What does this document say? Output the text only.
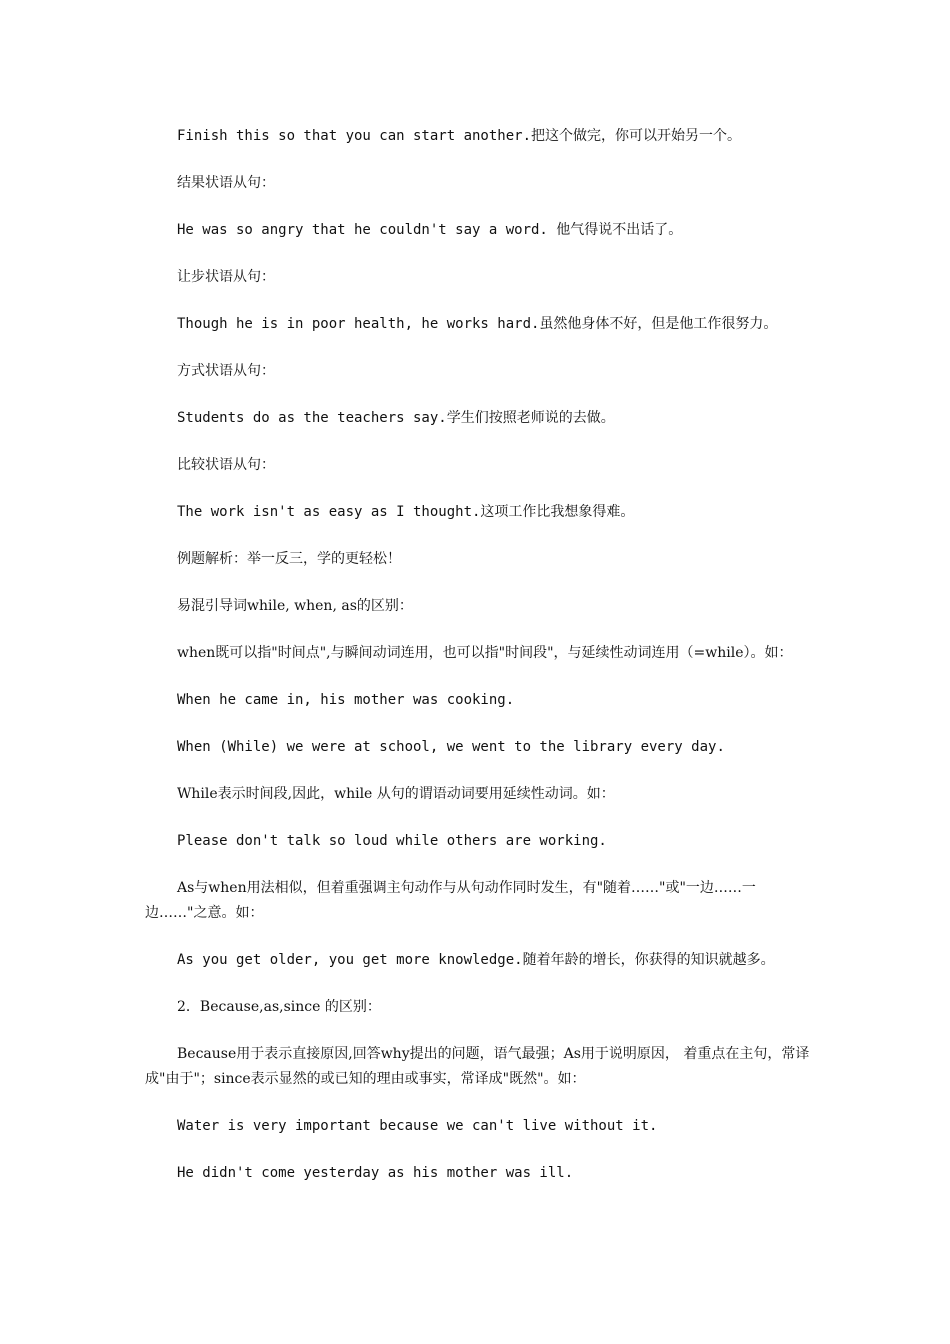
Finish this so that you can start another.把这个做完，你可以开始另一个。

结果状语从句：

He was so angry that he couldn't say a word. 他气得说不出话了。

让步状语从句：

Though he is in poor health, he works hard.虽然他身体不好，但是他工作很努力。

方式状语从句：

Students do as the teachers say.学生们按照老师说的去做。

比较状语从句：

The work isn't as easy as I thought.这项工作比我想象得难。

例题解析：举一反三，学的更轻松！

易混引导词while, when, as的区别：

when既可以指"时间点",与瞬间动词连用，也可以指"时间段"，与延续性动词连用（=while）。如：

When he came in, his mother was cooking.

When (While) we were at school, we went to the library every day.

While表示时间段,因此，while 从句的谓语动词要用延续性动词。如：

Please don't talk so loud while others are working.

As与when用法相似，但着重强调主句动作与从句动作同时发生，有"随着……"或"一边……一边……"之意。如：

As you get older, you get more knowledge.随着年龄的增长，你获得的知识就越多。

2．Because,as,since 的区别：

Because用于表示直接原因,回答why提出的问题，语气最强；As用于说明原因， 着重点在主句，常译成"由于"；since表示显然的或已知的理由或事实，常译成"既然"。如：

Water is very important because we can't live without it.

He didn't come yesterday as his mother was ill.
